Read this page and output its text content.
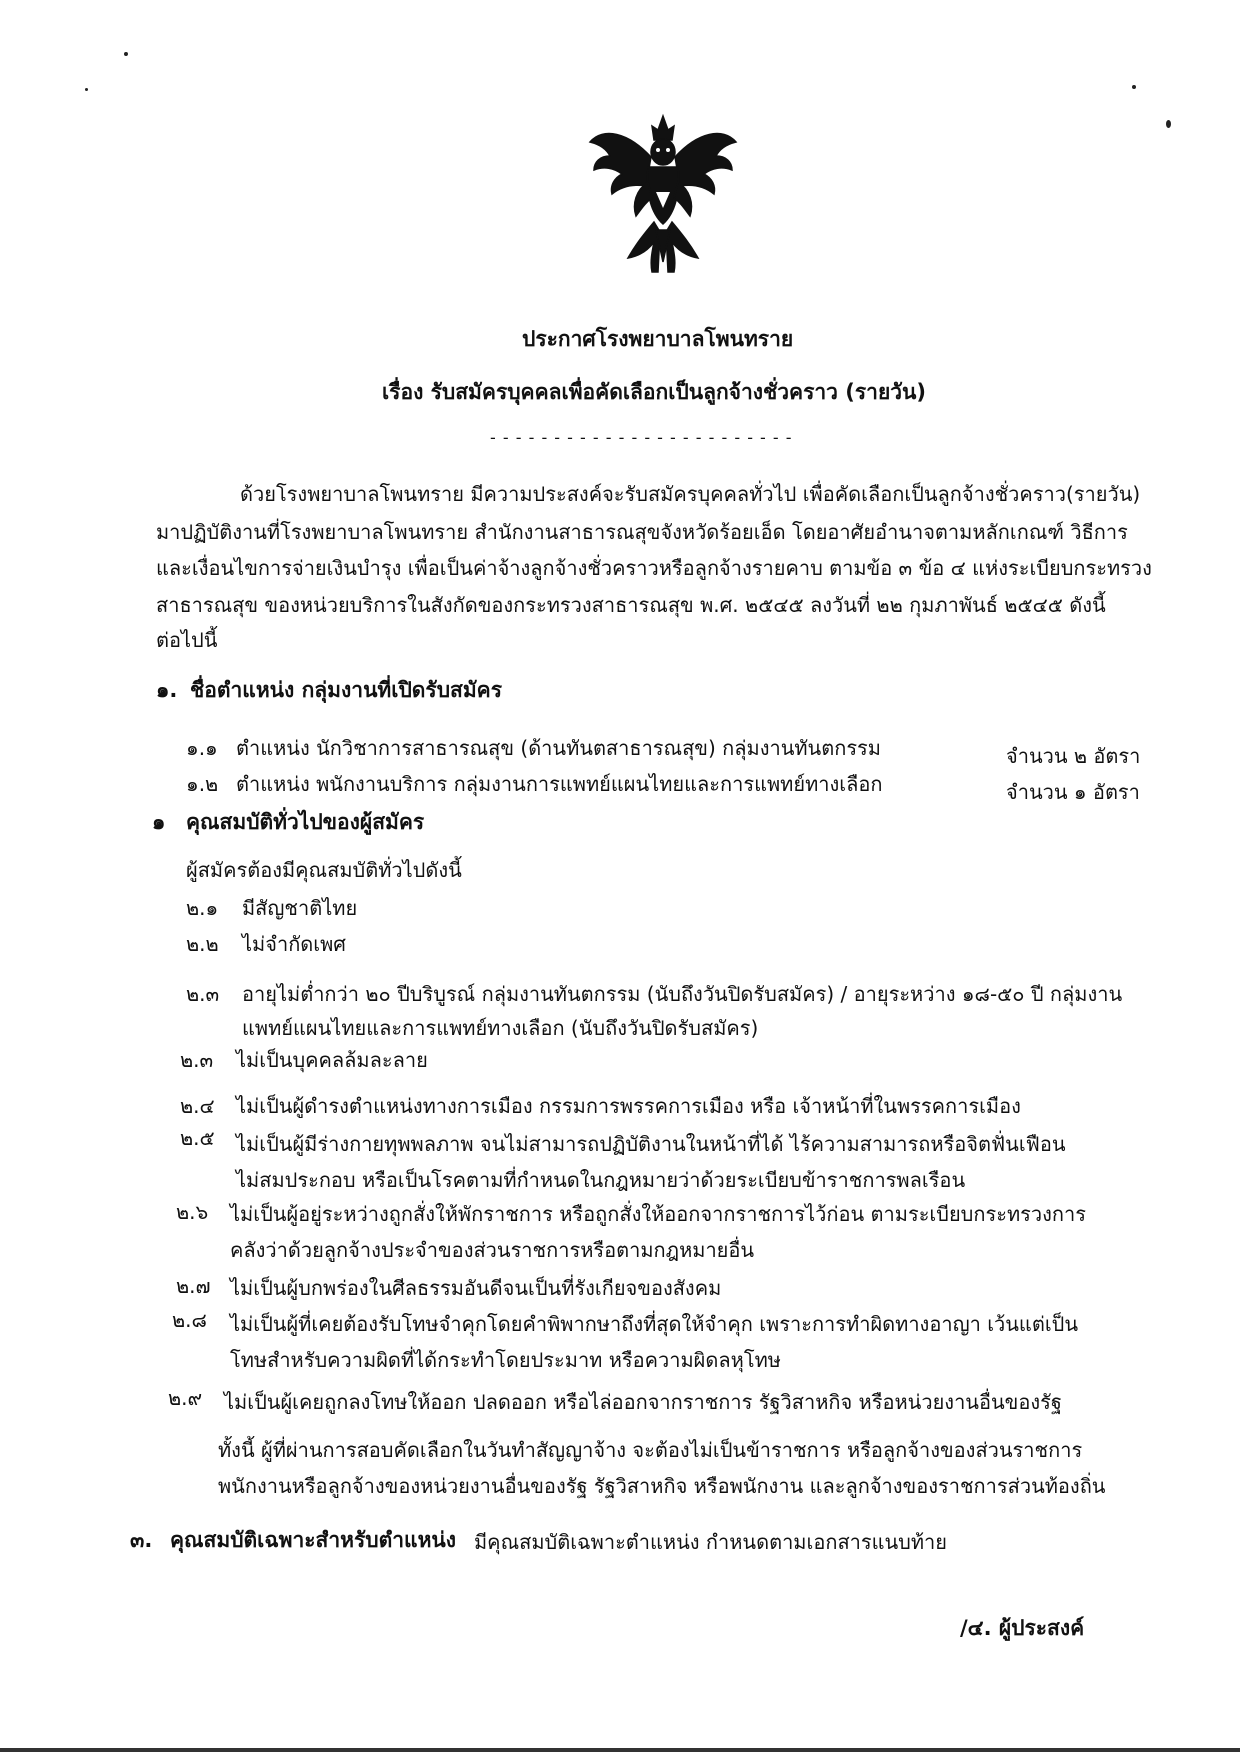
ประกาศโรงพยาบาลโพนทราย
เรื่อง รับสมัครบุคคลเพื่อคัดเลือกเป็นลูกจ้างชั่วคราว (รายวัน)
- - - - - - - - - - - - - - - - - - - - - - - -
ด้วยโรงพยาบาลโพนทราย มีความประสงค์จะรับสมัครบุคคลทั่วไป เพื่อคัดเลือกเป็นลูกจ้างชั่วคราว(รายวัน)
มาปฏิบัติงานที่โรงพยาบาลโพนทราย สำนักงานสาธารณสุขจังหวัดร้อยเอ็ด โดยอาศัยอำนาจตามหลักเกณฑ์ วิธีการ
และเงื่อนไขการจ่ายเงินบำรุง เพื่อเป็นค่าจ้างลูกจ้างชั่วคราวหรือลูกจ้างรายคาบ ตามข้อ ๓ ข้อ ๔ แห่งระเบียบกระทรวง
สาธารณสุข ของหน่วยบริการในสังกัดของกระทรวงสาธารณสุข พ.ศ. ๒๕๔๕ ลงวันที่ ๒๒ กุมภาพันธ์ ๒๕๔๕ ดังนี้
ต่อไปนี้
๑. ชื่อตำแหน่ง กลุ่มงานที่เปิดรับสมัคร
๑.๑ ตำแหน่ง นักวิชาการสาธารณสุข (ด้านทันตสาธารณสุข) กลุ่มงานทันตกรรม	จำนวน ๒ อัตรา
๑.๒ ตำแหน่ง พนักงานบริการ กลุ่มงานการแพทย์แผนไทยและการแพทย์ทางเลือก	จำนวน ๑ อัตรา
๑ คุณสมบัติทั่วไปของผู้สมัคร
ผู้สมัครต้องมีคุณสมบัติทั่วไปดังนี้
๒.๑ มีสัญชาติไทย
๒.๒ ไม่จำกัดเพศ
๒.๓ อายุไม่ต่ำกว่า ๒๐ ปีบริบูรณ์ กลุ่มงานทันตกรรม (นับถึงวันปิดรับสมัคร) / อายุระหว่าง ๑๘-๕๐ ปี กลุ่มงาน
แพทย์แผนไทยและการแพทย์ทางเลือก (นับถึงวันปิดรับสมัคร)
๒.๓ ไม่เป็นบุคคลล้มละลาย
๒.๔ ไม่เป็นผู้ดำรงตำแหน่งทางการเมือง กรรมการพรรคการเมือง หรือ เจ้าหน้าที่ในพรรคการเมือง
๒.๕ ไม่เป็นผู้มีร่างกายทุพพลภาพ จนไม่สามารถปฏิบัติงานในหน้าที่ได้ ไร้ความสามารถหรือจิตฟั่นเฟือน
ไม่สมประกอบ หรือเป็นโรคตามที่กำหนดในกฎหมายว่าด้วยระเบียบข้าราชการพลเรือน
๒.๖ ไม่เป็นผู้อยู่ระหว่างถูกสั่งให้พักราชการ หรือถูกสั่งให้ออกจากราชการไว้ก่อน ตามระเบียบกระทรวงการ
คลังว่าด้วยลูกจ้างประจำของส่วนราชการหรือตามกฎหมายอื่น
๒.๗ ไม่เป็นผู้บกพร่องในศีลธรรมอันดีจนเป็นที่รังเกียจของสังคม
๒.๘ ไม่เป็นผู้ที่เคยต้องรับโทษจำคุกโดยคำพิพากษาถึงที่สุดให้จำคุก เพราะการทำผิดทางอาญา เว้นแต่เป็น
โทษสำหรับความผิดที่ได้กระทำโดยประมาท หรือความผิดลหุโทษ
๒.๙ ไม่เป็นผู้เคยถูกลงโทษให้ออก ปลดออก หรือไล่ออกจากราชการ รัฐวิสาหกิจ หรือหน่วยงานอื่นของรัฐ
ทั้งนี้ ผู้ที่ผ่านการสอบคัดเลือกในวันทำสัญญาจ้าง จะต้องไม่เป็นข้าราชการ หรือลูกจ้างของส่วนราชการ
พนักงานหรือลูกจ้างของหน่วยงานอื่นของรัฐ รัฐวิสาหกิจ หรือพนักงาน และลูกจ้างของราชการส่วนท้องถิ่น
๓. คุณสมบัติเฉพาะสำหรับตำแหน่ง มีคุณสมบัติเฉพาะตำแหน่ง กำหนดตามเอกสารแนบท้าย
/๔. ผู้ประสงค์
